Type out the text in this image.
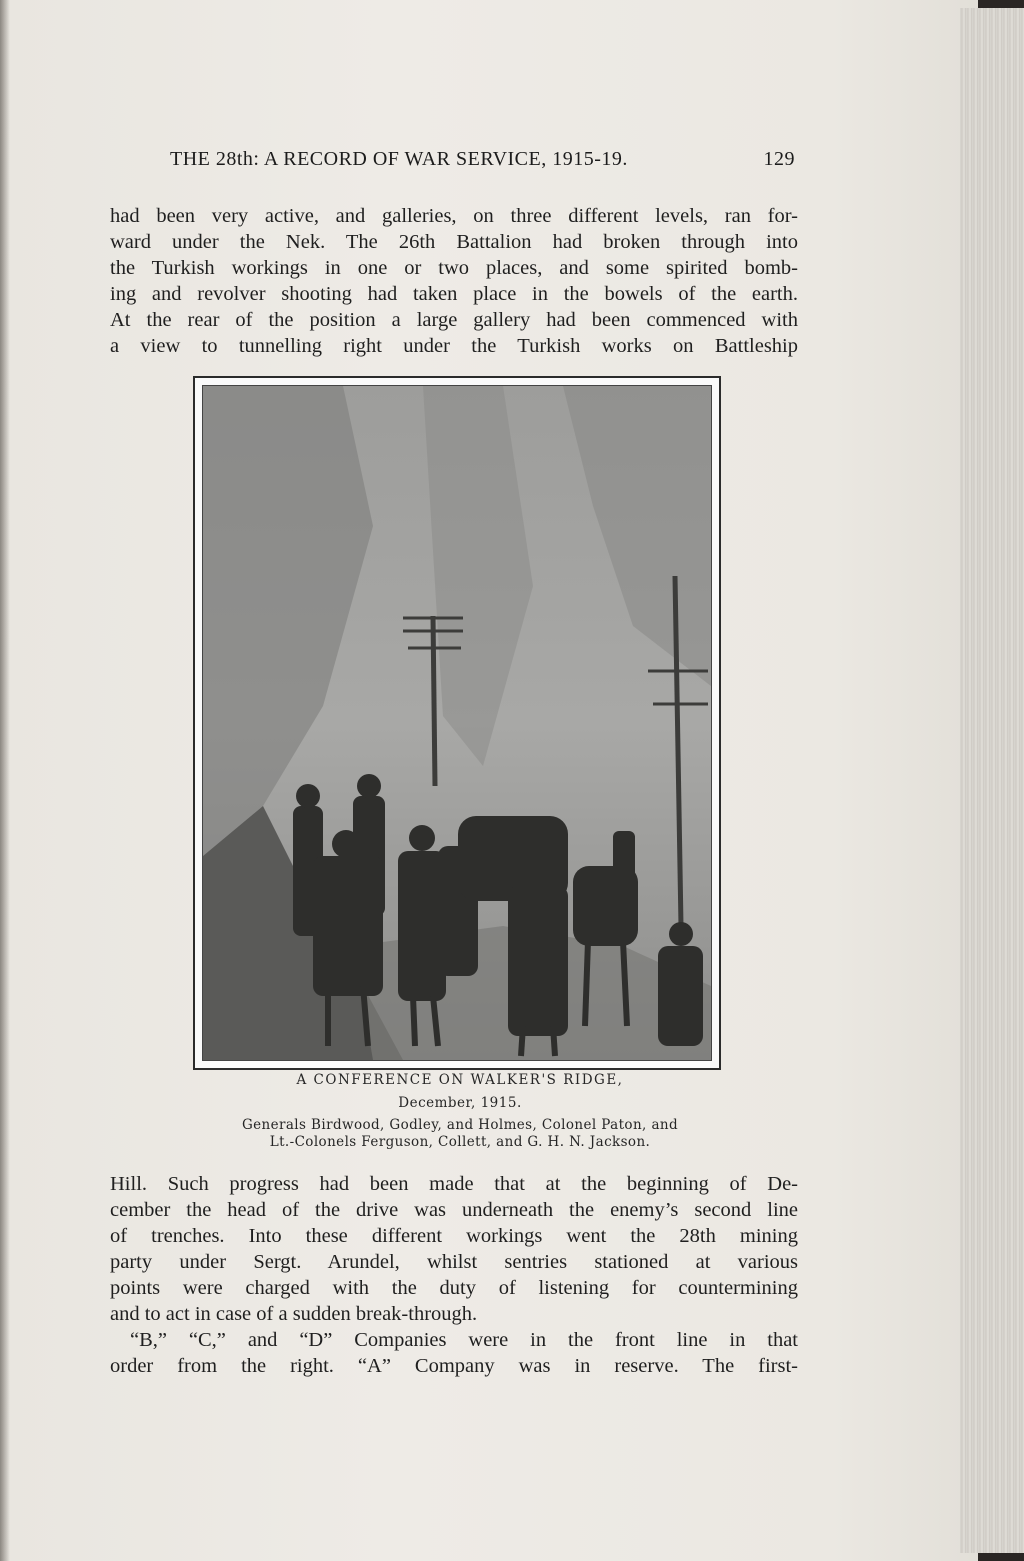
THE 28th: A RECORD OF WAR SERVICE, 1915-19.	129
had been very active, and galleries, on three different levels, ran for-
ward under the Nek. The 26th Battalion had broken through into
the Turkish workings in one or two places, and some spirited bomb-
ing and revolver shooting had taken place in the bowels of the earth.
At the rear of the position a large gallery had been commenced with
a view to tunnelling right under the Turkish works on Battleship
A CONFERENCE ON WALKER'S RIDGE,
December, 1915.
Generals Birdwood, Godley, and Holmes, Colonel Paton, and
Lt.-Colonels Ferguson, Collett, and G. H. N. Jackson.
Hill. Such progress had been made that at the beginning of De-
cember the head of the drive was underneath the enemy’s second line
of trenches. Into these different workings went the 28th mining
party under Sergt. Arundel, whilst sentries stationed at various
points were charged with the duty of listening for countermining
and to act in case of a sudden break-through.
“B,” “C,” and “D” Companies were in the front line in that
order from the right. “A” Company was in reserve. The first-
